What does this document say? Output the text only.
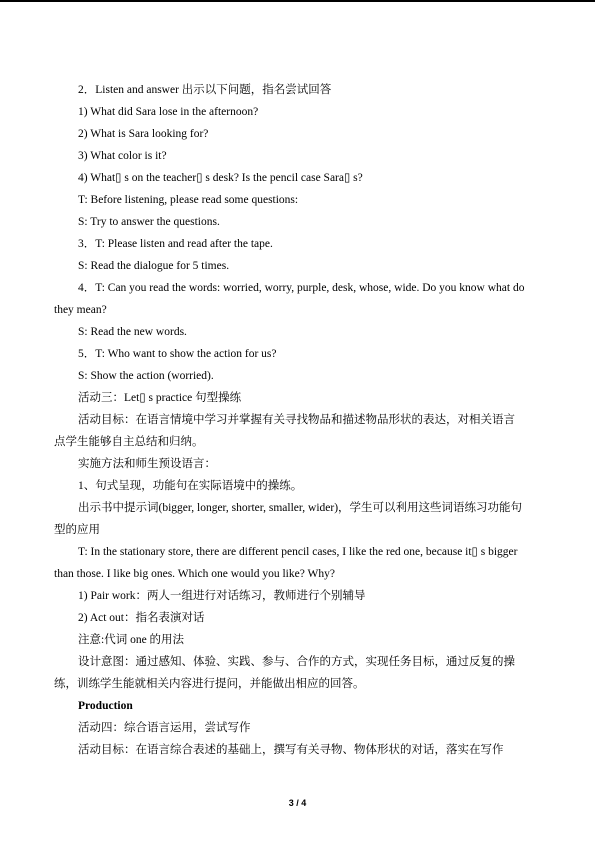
2．Listen and answer 出示以下问题，指名尝试回答
1) What did Sara lose in the afternoon?
2) What is Sara looking for?
3) What color is it?
4) What▯ s on the teacher▯ s desk? Is the pencil case Sara▯ s?
T: Before listening, please read some questions:
S: Try to answer the questions.
3．T: Please listen and read after the tape.
S: Read the dialogue for 5 times.
4．T: Can you read the words: worried, worry, purple, desk, whose, wide. Do you know what do
they mean?
S: Read the new words.
5．T: Who want to show the action for us?
S: Show the action (worried).
活动三：Let▯ s practice 句型操练
活动目标：在语言情境中学习并掌握有关寻找物品和描述物品形状的表达，对相关语言
点学生能够自主总结和归纳。
实施方法和师生预设语言：
1、句式呈现，功能句在实际语境中的操练。
出示书中提示词(bigger, longer, shorter, smaller, wider)，学生可以利用这些词语练习功能句
型的应用
T: In the stationary store, there are different pencil cases, I like the red one, because it▯ s bigger
than those. I like big ones. Which one would you like? Why?
1) Pair work：两人一组进行对话练习，教师进行个别辅导
2) Act out：指名表演对话
注意:代词 one 的用法
设计意图：通过感知、体验、实践、参与、合作的方式，实现任务目标，通过反复的操
练，训练学生能就相关内容进行提问，并能做出相应的回答。
Production
活动四：综合语言运用，尝试写作
活动目标：在语言综合表述的基础上，撰写有关寻物、物体形状的对话，落实在写作
3 / 4
